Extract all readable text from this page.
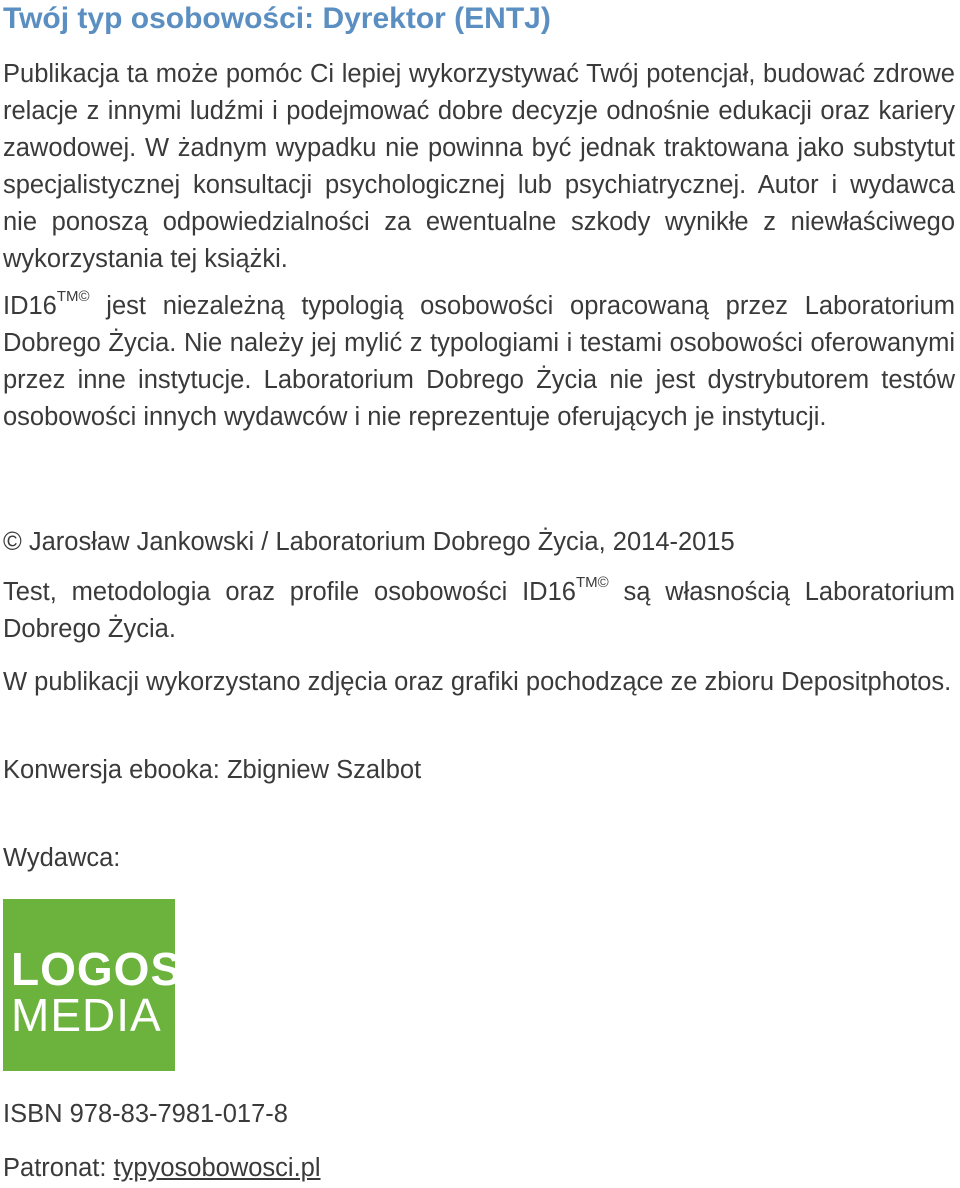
Twój typ osobowości: Dyrektor (ENTJ)

Publikacja ta może pomóc Ci lepiej wykorzystywać Twój potencjał, budować zdrowe relacje z innymi ludźmi i podejmować dobre decyzje odnośnie edukacji oraz kariery zawodowej. W żadnym wypadku nie powinna być jednak traktowana jako substytut specjalistycznej konsultacji psychologicznej lub psychiatrycznej. Autor i wydawca nie ponoszą odpowiedzialności za ewentualne szkody wynikłe z niewłaściwego wykorzystania tej książki.

$ID16^{TM©}$ jest niezależną typologią osobowości opracowaną przez Laboratorium Dobrego Życia. Nie należy jej mylić z typologiami i testami osobowości oferowanymi przez inne instytucje. Laboratorium Dobrego Życia nie jest dystrybutorem testów osobowości innych wydawców i nie reprezentuje oferujących je instytucji.

© Jarosław Jankowski / Laboratorium Dobrego Życia, 2014-2015

Test, metodologia oraz profile osobowości $ID16^{TM©}$ są własnością Laboratorium Dobrego Życia.

W publikacji wykorzystano zdjęcia oraz grafiki pochodzące ze zbioru Depositphotos.

Konwersja ebooka: Zbigniew Szalbot

Wydawca:

LOGOS
MEDIA

ISBN 978-83-7981-017-8

Patronat: typyosobowosci.pl
